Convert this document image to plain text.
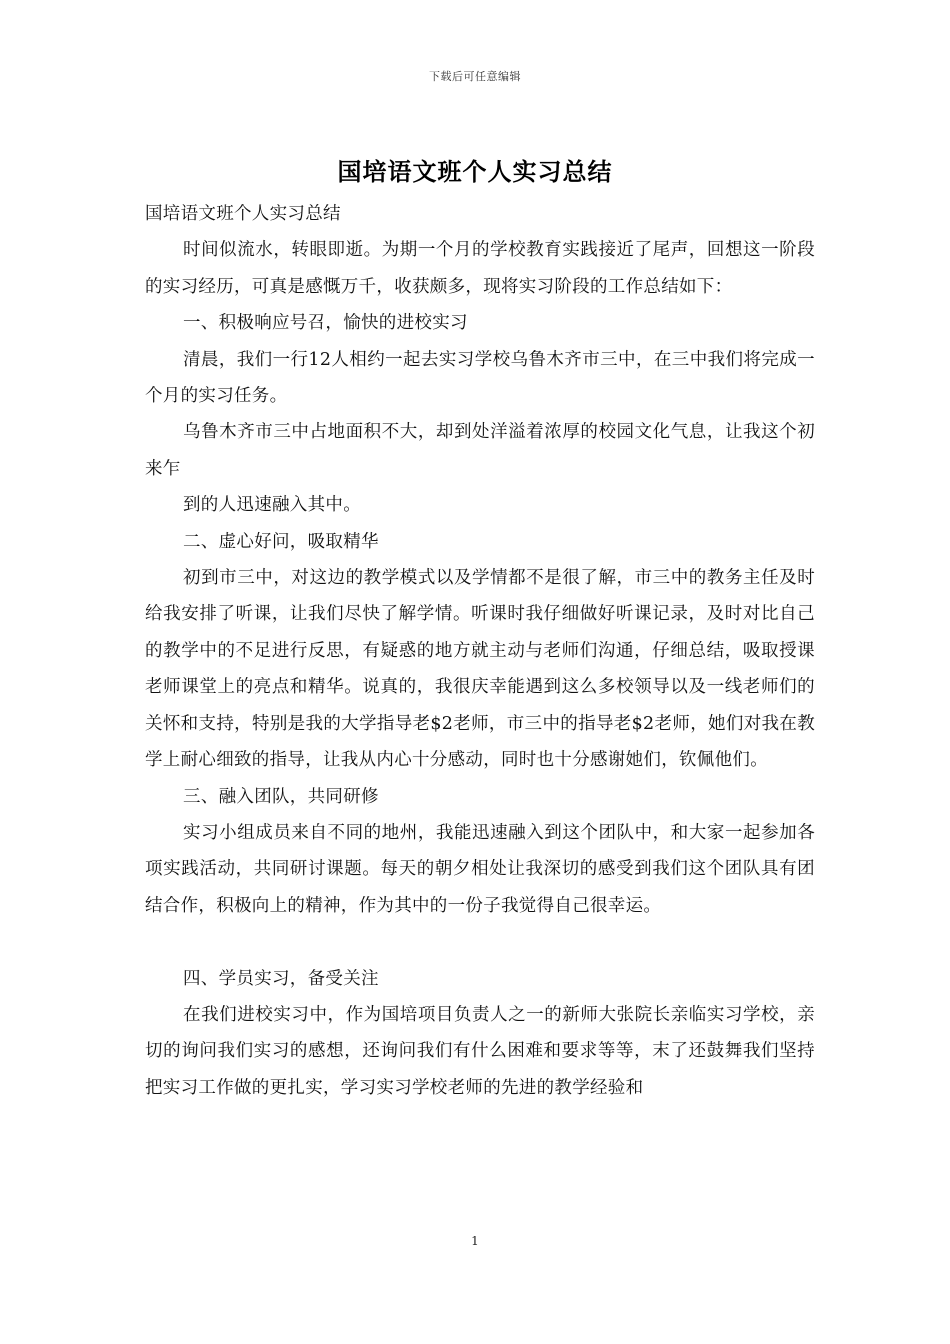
下载后可任意编辑
国培语文班个人实习总结

国培语文班个人实习总结

时间似流水，转眼即逝。为期一个月的学校教育实践接近了尾声，回想这一阶段的实习经历，可真是感慨万千，收获颇多，现将实习阶段的工作总结如下：

一、积极响应号召，愉快的进校实习

清晨，我们一行12人相约一起去实习学校乌鲁木齐市三中，在三中我们将完成一个月的实习任务。

乌鲁木齐市三中占地面积不大，却到处洋溢着浓厚的校园文化气息，让我这个初来乍

到的人迅速融入其中。

二、虚心好问，吸取精华

初到市三中，对这边的教学模式以及学情都不是很了解，市三中的教务主任及时给我安排了听课，让我们尽快了解学情。听课时我仔细做好听课记录，及时对比自己的教学中的不足进行反思，有疑惑的地方就主动与老师们沟通，仔细总结，吸取授课老师课堂上的亮点和精华。说真的，我很庆幸能遇到这么多校领导以及一线老师们的关怀和支持，特别是我的大学指导老$2老师，市三中的指导老$2老师，她们对我在教学上耐心细致的指导，让我从内心十分感动，同时也十分感谢她们，钦佩他们。

三、融入团队，共同研修

实习小组成员来自不同的地州，我能迅速融入到这个团队中，和大家一起参加各项实践活动，共同研讨课题。每天的朝夕相处让我深切的感受到我们这个团队具有团结合作，积极向上的精神，作为其中的一份子我觉得自己很幸运。

四、学员实习，备受关注

在我们进校实习中，作为国培项目负责人之一的新师大张院长亲临实习学校，亲切的询问我们实习的感想，还询问我们有什么困难和要求等等，末了还鼓舞我们坚持把实习工作做的更扎实，学习实习学校老师的先进的教学经验和

1
